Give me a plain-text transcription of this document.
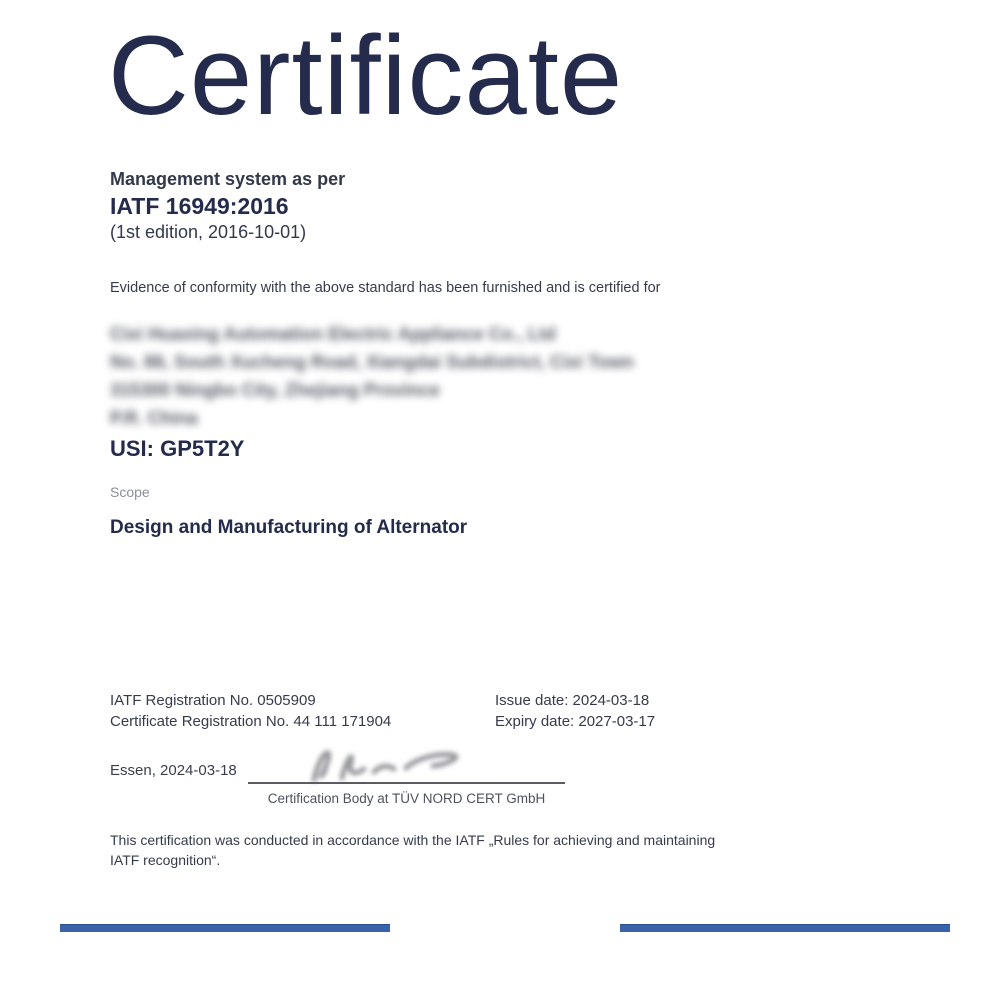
Certificate
Management system as per
IATF 16949:2016
(1st edition, 2016-10-01)
Evidence of conformity with the above standard has been furnished and is certified for
Cixi Huaxing Automation Electric Appliance Co., Ltd
No. 88, South Xucheng Road, Xiangdai Subdistrict, Cixi Town
315300 Ningbo City, Zhejiang Province
P.R. China
USI: GP5T2Y
Scope
Design and Manufacturing of Alternator
IATF Registration No. 0505909
Certificate Registration No. 44 111 171904
Issue date: 2024-03-18
Expiry date: 2027-03-17
Essen, 2024-03-18
Certification Body at TÜV NORD CERT GmbH
This certification was conducted in accordance with the IATF „Rules for achieving and maintaining
IATF recognition“.
